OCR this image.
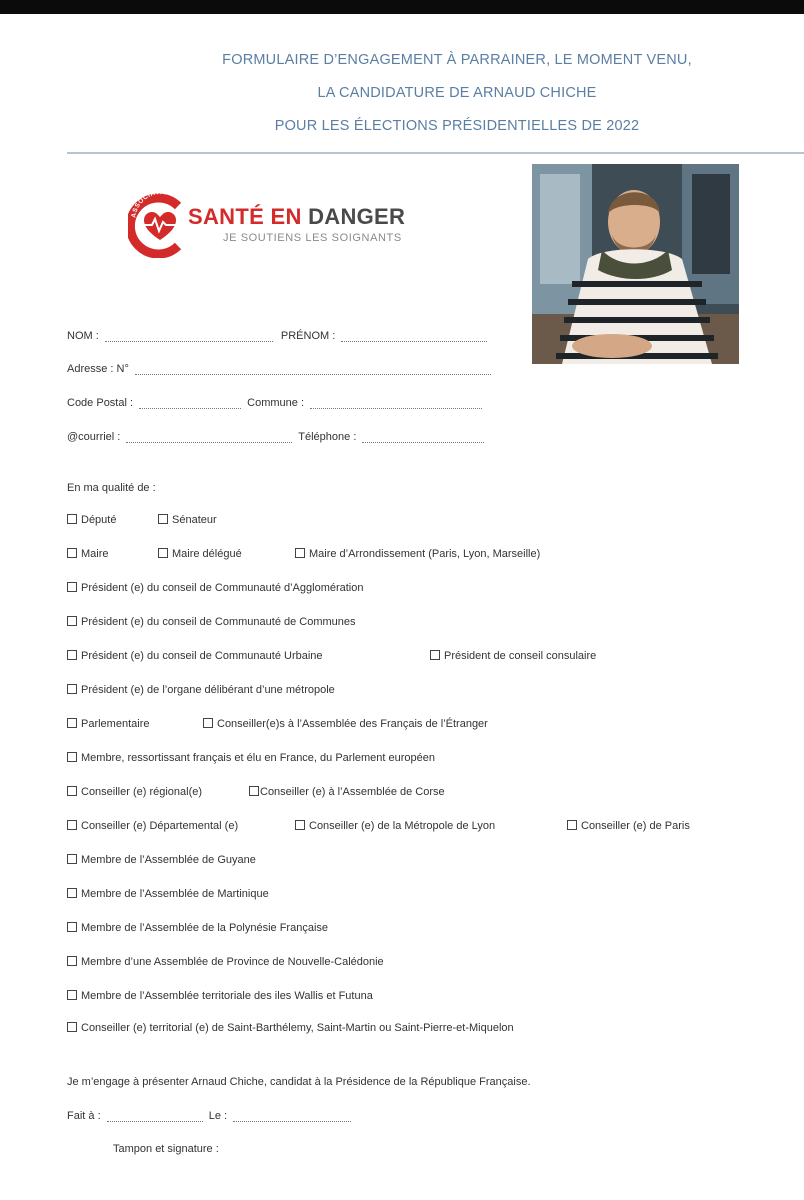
FORMULAIRE D’ENGAGEMENT À PARRAINER, LE MOMENT VENU,
LA CANDIDATURE DE ARNAUD CHICHE
POUR LES ÉLECTIONS PRÉSIDENTIELLES DE 2022
ASSOCIATION
SANTÉ EN DANGER
JE SOUTIENS LES SOIGNANTS
NOM :	PRÉNOM :
Adresse : N°
Code Postal :	Commune :
@courriel :	Téléphone :
En ma qualité de :
Député	Sénateur
Maire	Maire délégué	Maire d’Arrondissement (Paris, Lyon, Marseille)
Président (e) du conseil de Communauté d’Agglomération
Président (e) du conseil de Communauté de Communes
Président (e) du conseil de Communauté Urbaine	Président de conseil consulaire
Président (e) de l’organe délibérant d’une métropole
Parlementaire	Conseiller(e)s à l’Assemblée des Français de l’Étranger
Membre, ressortissant français et élu en France, du Parlement européen
Conseiller (e) régional(e)	Conseiller (e) à l’Assemblée de Corse
Conseiller (e) Départemental (e)	Conseiller (e) de la Métropole de Lyon	Conseiller (e) de Paris
Membre de l’Assemblée de Guyane
Membre de l’Assemblée de Martinique
Membre de l’Assemblée de la Polynésie Française
Membre d’une Assemblée de Province de Nouvelle-Calédonie
Membre de l’Assemblée territoriale des iles Wallis et Futuna
Conseiller (e) territorial (e) de Saint-Barthélemy, Saint-Martin ou Saint-Pierre-et-Miquelon
Je m’engage à présenter Arnaud Chiche, candidat à la Présidence de la République Française.
Fait à :	Le :
Tampon et signature :
